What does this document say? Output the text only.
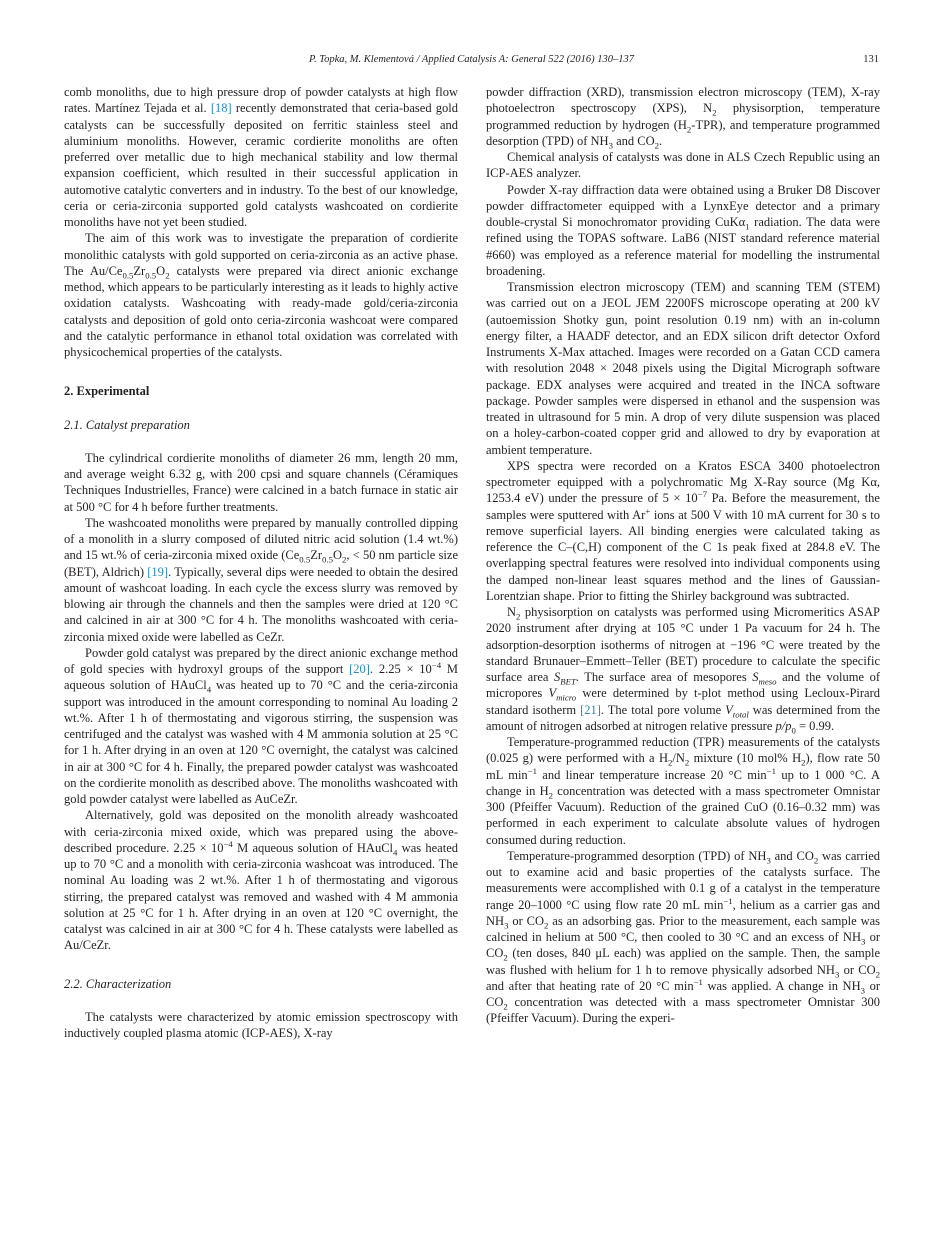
P. Topka, M. Klementová / Applied Catalysis A: General 522 (2016) 130–137	131

comb monoliths, due to high pressure drop of powder catalysts at high flow rates. Martínez Tejada et al. [18] recently demonstrated that ceria-based gold catalysts can be successfully deposited on ferritic stainless steel and aluminium monoliths. However, ceramic cordierite monoliths are often preferred over metallic due to high mechanical stability and low thermal expansion coefficient, which resulted in their successful application in automotive catalytic converters and in industry. To the best of our knowledge, ceria or ceria-zirconia supported gold catalysts washcoated on cordierite monoliths have not yet been studied.

The aim of this work was to investigate the preparation of cordierite monolithic catalysts with gold supported on ceria-zirconia as an active phase. The $Au/Ce_{0.5}Zr_{0.5}O_2$ catalysts were prepared via direct anionic exchange method, which appears to be particularly interesting as it leads to highly active oxidation catalysts. Washcoating with ready-made gold/ceria-zirconia catalysts and deposition of gold onto ceria-zirconia washcoat were compared and the catalytic performance in ethanol total oxidation was correlated with physicochemical properties of the catalysts.

2. Experimental

2.1. Catalyst preparation

The cylindrical cordierite monoliths of diameter 26 mm, length 20 mm, and average weight 6.32 g, with 200 cpsi and square channels (Céramiques Techniques Industrielles, France) were calcined in a batch furnace in static air at 500 °C for 4 h before further treatments.

The washcoated monoliths were prepared by manually controlled dipping of a monolith in a slurry composed of diluted nitric acid solution (1.4 wt.%) and 15 wt.% of ceria-zirconia mixed oxide ($Ce_{0.5}Zr_{0.5}O_2$, < 50 nm particle size (BET), Aldrich) [19]. Typically, several dips were needed to obtain the desired amount of washcoat loading. In each cycle the excess slurry was removed by blowing air through the channels and then the samples were dried at 120 °C and calcined in air at 300 °C for 4 h. The monoliths washcoated with ceria-zirconia mixed oxide were labelled as CeZr.

Powder gold catalyst was prepared by the direct anionic exchange method of gold species with hydroxyl groups of the support [20]. $2.25 \times 10^{-4}$ M aqueous solution of HAuCl$_4$ was heated up to 70 °C and the ceria-zirconia support was introduced in the amount corresponding to nominal Au loading 2 wt.%. After 1 h of thermostating and vigorous stirring, the suspension was centrifuged and the catalyst was washed with 4 M ammonia solution at 25 °C for 1 h. After drying in an oven at 120 °C overnight, the catalyst was calcined in air at 300 °C for 4 h. Finally, the prepared powder catalyst was washcoated on the cordierite monolith as described above. The monoliths washcoated with gold powder catalyst were labelled as AuCeZr.

Alternatively, gold was deposited on the monolith already washcoated with ceria-zirconia mixed oxide, which was prepared using the above-described procedure. $2.25 \times 10^{-4}$ M aqueous solution of HAuCl$_4$ was heated up to 70 °C and a monolith with ceria-zirconia washcoat was introduced. The nominal Au loading was 2 wt.%. After 1 h of thermostating and vigorous stirring, the prepared catalyst was removed and washed with 4 M ammonia solution at 25 °C for 1 h. After drying in an oven at 120 °C overnight, the catalyst was calcined in air at 300 °C for 4 h. These catalysts were labelled as Au/CeZr.

2.2. Characterization

The catalysts were characterized by atomic emission spectroscopy with inductively coupled plasma atomic (ICP-AES), X-ray

powder diffraction (XRD), transmission electron microscopy (TEM), X-ray photoelectron spectroscopy (XPS), $N_2$ physisorption, temperature programmed reduction by hydrogen $(H_2-TPR)$, and temperature programmed desorption (TPD) of $NH_3$ and $CO_2$.

Chemical analysis of catalysts was done in ALS Czech Republic using an ICP-AES analyzer.

Powder X-ray diffraction data were obtained using a Bruker D8 Discover powder diffractometer equipped with a LynxEye detector and a primary double-crystal Si monochromator providing CuKα$_1$ radiation. The data were refined using the TOPAS software. LaB6 (NIST standard reference material #660) was employed as a reference material for modelling the instrumental broadening.

Transmission electron microscopy (TEM) and scanning TEM (STEM) was carried out on a JEOL JEM 2200FS microscope operating at 200 kV (autoemission Shotky gun, point resolution 0.19 nm) with an in-column energy filter, a HAADF detector, and an EDX silicon drift detector Oxford Instruments X-Max attached. Images were recorded on a Gatan CCD camera with resolution 2048 × 2048 pixels using the Digital Micrograph software package. EDX analyses were acquired and treated in the INCA software package. Powder samples were dispersed in ethanol and the suspension was treated in ultrasound for 5 min. A drop of very dilute suspension was placed on a holey-carbon-coated copper grid and allowed to dry by evaporation at ambient temperature.

XPS spectra were recorded on a Kratos ESCA 3400 photoelectron spectrometer equipped with a polychromatic Mg X-Ray source (Mg Kα, 1253.4 eV) under the pressure of $5 \times 10^{-7}$ Pa. Before the measurement, the samples were sputtered with Ar+ ions at 500 V with 10 mA current for 30 s to remove superficial layers. All binding energies were calculated taking as reference the C–(C,H) component of the C 1s peak fixed at 284.8 eV. The overlapping spectral features were resolved into individual components using the damped non-linear least squares method and the lines of Gaussian-Lorentzian shape. Prior to fitting the Shirley background was subtracted.

$N_2$ physisorption on catalysts was performed using Micromeritics ASAP 2020 instrument after drying at 105 °C under 1 Pa vacuum for 24 h. The adsorption-desorption isotherms of nitrogen at −196 °C were treated by the standard Brunauer–Emmett–Teller (BET) procedure to calculate the specific surface area $S_{BET}$. The surface area of mesopores $S_{meso}$ and the volume of micropores $V_{micro}$ were determined by t-plot method using Lecloux-Pirard standard isotherm [21]. The total pore volume $V_{total}$ was determined from the amount of nitrogen adsorbed at nitrogen relative pressure $p/p_0 = 0.99$.

Temperature-programmed reduction (TPR) measurements of the catalysts (0.025 g) were performed with a $H_2/N_2$ mixture (10 mol% $H_2$), flow rate 50 mL $\min^{-1}$ and linear temperature increase 20 °C $\min^{-1}$ up to 1 000 °C. A change in $H_2$ concentration was detected with a mass spectrometer Omnistar 300 (Pfeiffer Vacuum). Reduction of the grained CuO (0.16–0.32 mm) was performed in each experiment to calculate absolute values of hydrogen consumed during reduction.

Temperature-programmed desorption (TPD) of $NH_3$ and $CO_2$ was carried out to examine acid and basic properties of the catalysts surface. The measurements were accomplished with 0.1 g of a catalyst in the temperature range 20–1000 °C using flow rate 20 mL $\min^{-1}$, helium as a carrier gas and $NH_3$ or $CO_2$ as an adsorbing gas. Prior to the measurement, each sample was calcined in helium at 500 °C, then cooled to 30 °C and an excess of $NH_3$ or $CO_2$ (ten doses, 840 μL each) was applied on the sample. Then, the sample was flushed with helium for 1 h to remove physically adsorbed $NH_3$ or $CO_2$ and after that heating rate of 20 °C $\min^{-1}$ was applied. A change in $NH_3$ or $CO_2$ concentration was detected with a mass spectrometer Omnistar 300 (Pfeiffer Vacuum). During the experi-
